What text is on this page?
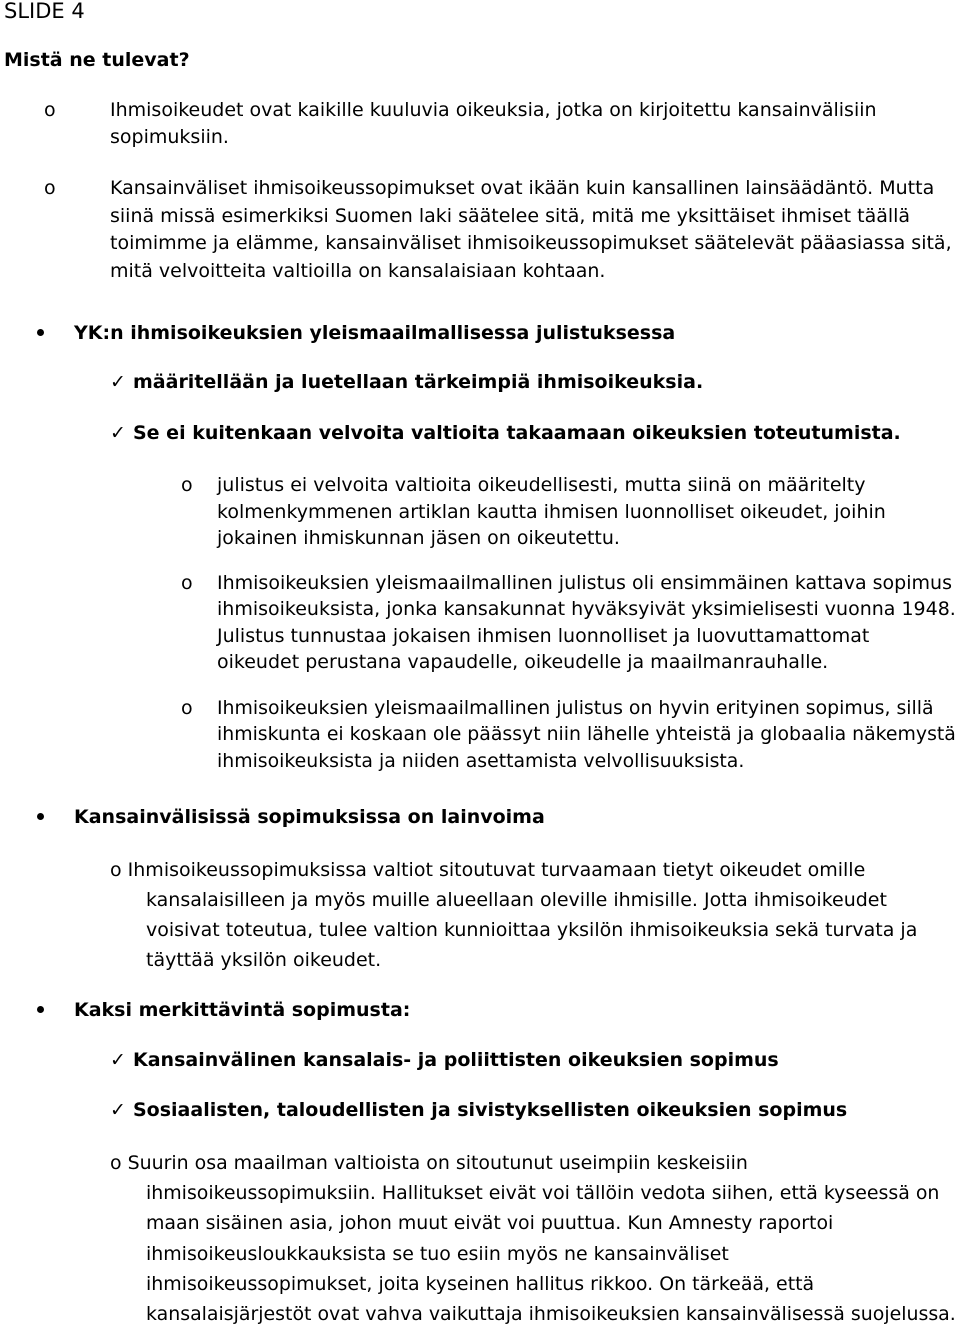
SLIDE 4
Mistä ne tulevat?
o	Ihmisoikeudet ovat kaikille kuuluvia oikeuksia, jotka on kirjoitettu kansainvälisiin
sopimuksiin.
o	Kansainväliset ihmisoikeussopimukset ovat ikään kuin kansallinen lainsäädäntö. Mutta
siinä missä esimerkiksi Suomen laki säätelee sitä, mitä me yksittäiset ihmiset täällä
toimimme ja elämme, kansainväliset ihmisoikeussopimukset säätelevät pääasiassa sitä,
mitä velvoitteita valtioilla on kansalaisiaan kohtaan.
YK:n ihmisoikeuksien yleismaailmallisessa julistuksessa
✓ määritellään ja luetellaan tärkeimpiä ihmisoikeuksia.
✓ Se ei kuitenkaan velvoita valtioita takaamaan oikeuksien toteutumista.
o julistus ei velvoita valtioita oikeudellisesti, mutta siinä on määritelty
kolmenkymmenen artiklan kautta ihmisen luonnolliset oikeudet, joihin
jokainen ihmiskunnan jäsen on oikeutettu.
o Ihmisoikeuksien yleismaailmallinen julistus oli ensimmäinen kattava sopimus
ihmisoikeuksista, jonka kansakunnat hyväksyivät yksimielisesti vuonna 1948.
Julistus tunnustaa jokaisen ihmisen luonnolliset ja luovuttamattomat
oikeudet perustana vapaudelle, oikeudelle ja maailmanrauhalle.
o Ihmisoikeuksien yleismaailmallinen julistus on hyvin erityinen sopimus, sillä
ihmiskunta ei koskaan ole päässyt niin lähelle yhteistä ja globaalia näkemystä
ihmisoikeuksista ja niiden asettamista velvollisuuksista.
Kansainvälisissä sopimuksissa on lainvoima
o Ihmisoikeussopimuksissa valtiot sitoutuvat turvaamaan tietyt oikeudet omille
kansalaisilleen ja myös muille alueellaan oleville ihmisille. Jotta ihmisoikeudet
voisivat toteutua, tulee valtion kunnioittaa yksilön ihmisoikeuksia sekä turvata ja
täyttää yksilön oikeudet.
Kaksi merkittävintä sopimusta:
✓ Kansainvälinen kansalais- ja poliittisten oikeuksien sopimus
✓ Sosiaalisten, taloudellisten ja sivistyksellisten oikeuksien sopimus
o Suurin osa maailman valtioista on sitoutunut useimpiin keskeisiin
ihmisoikeussopimuksiin. Hallitukset eivät voi tällöin vedota siihen, että kyseessä on
maan sisäinen asia, johon muut eivät voi puuttua. Kun Amnesty raportoi
ihmisoikeusloukkauksista se tuo esiin myös ne kansainväliset
ihmisoikeussopimukset, joita kyseinen hallitus rikkoo. On tärkeää, että
kansalaisjärjestöt ovat vahva vaikuttaja ihmisoikeuksien kansainvälisessä suojelussa.
